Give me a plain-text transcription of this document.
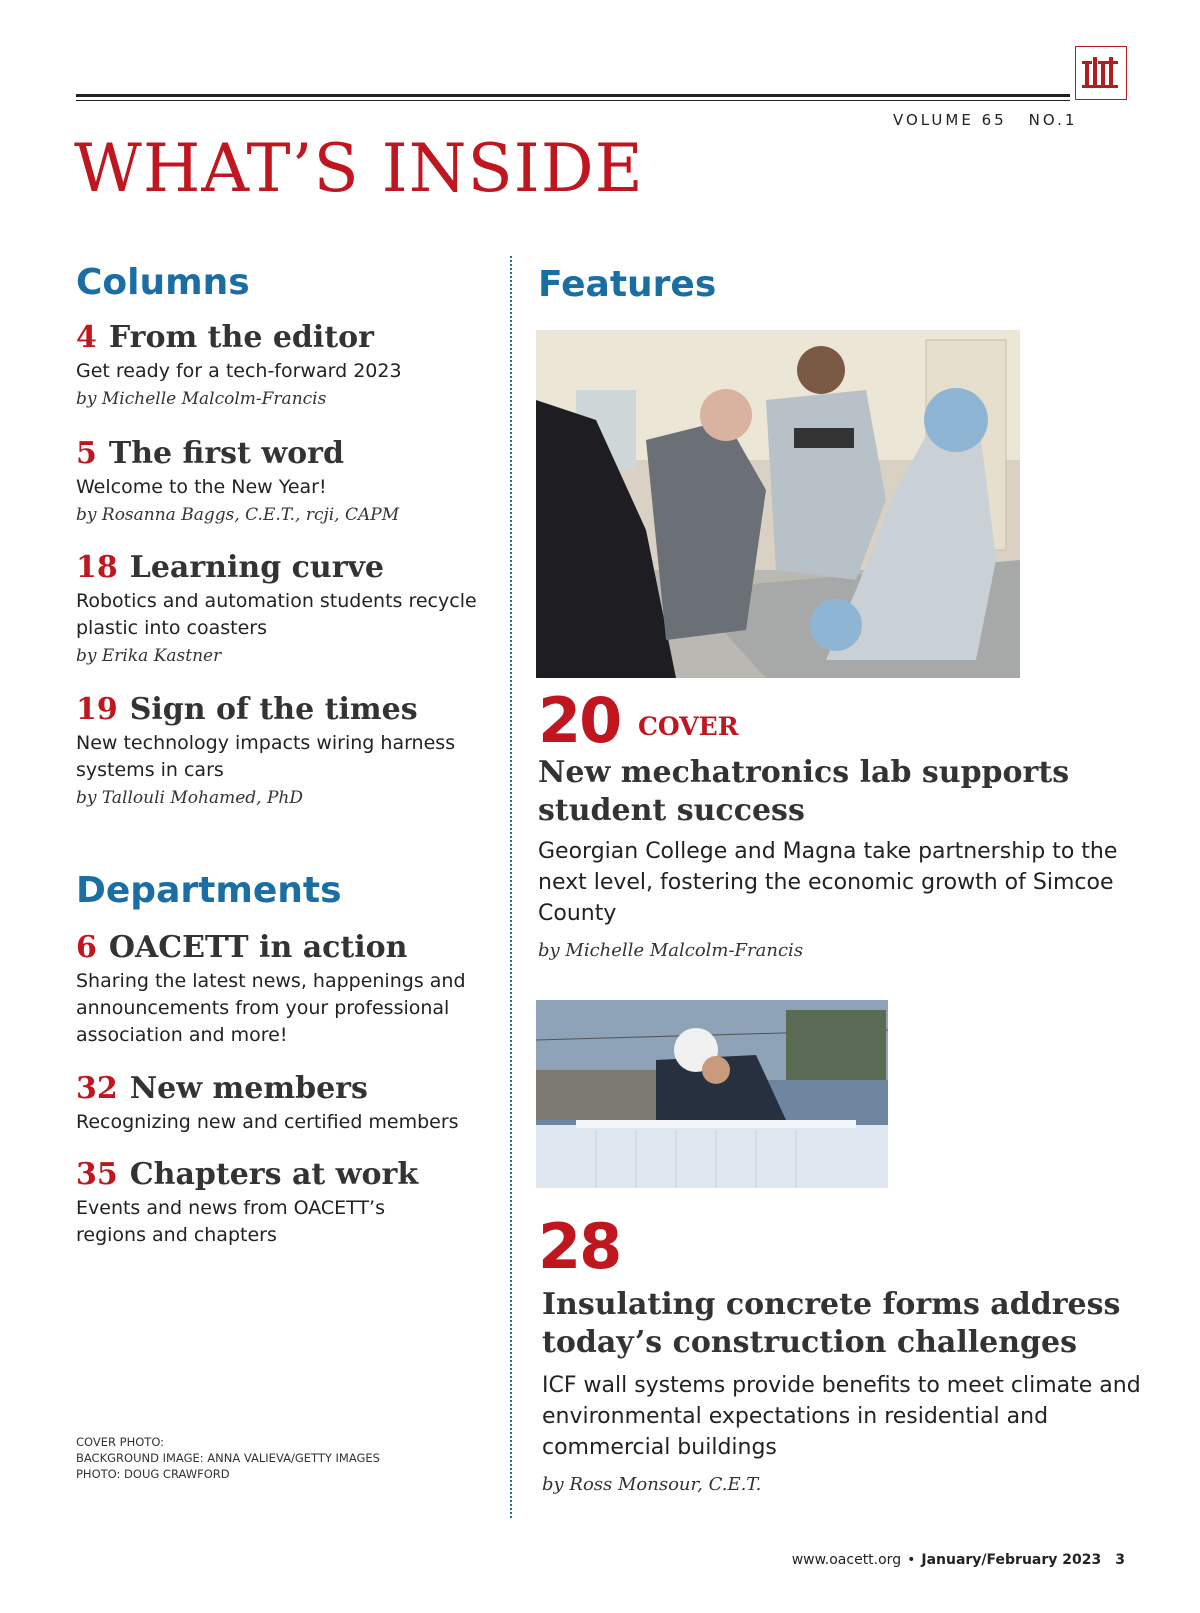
VOLUME 65 NO.1
WHAT’S INSIDE
Columns
4 From the editor
Get ready for a tech-forward 2023
by Michelle Malcolm-Francis
5 The first word
Welcome to the New Year!
by Rosanna Baggs, C.E.T., rcji, CAPM
18 Learning curve
Robotics and automation students recycle plastic into coasters
by Erika Kastner
19 Sign of the times
New technology impacts wiring harness systems in cars
by Tallouli Mohamed, PhD
Departments
6 OACETT in action
Sharing the latest news, happenings and announcements from your professional association and more!
32 New members
Recognizing new and certified members
35 Chapters at work
Events and news from OACETT’s regions and chapters
COVER PHOTO:
BACKGROUND IMAGE: ANNA VALIEVA/GETTY IMAGES
PHOTO: DOUG CRAWFORD
Features
20 COVER
New mechatronics lab supports student success
Georgian College and Magna take partnership to the next level, fostering the economic growth of Simcoe County
by Michelle Malcolm-Francis
28
Insulating concrete forms address today’s construction challenges
ICF wall systems provide benefits to meet climate and environmental expectations in residential and commercial buildings
by Ross Monsour, C.E.T.
www.oacett.org • January/February 2023 3
